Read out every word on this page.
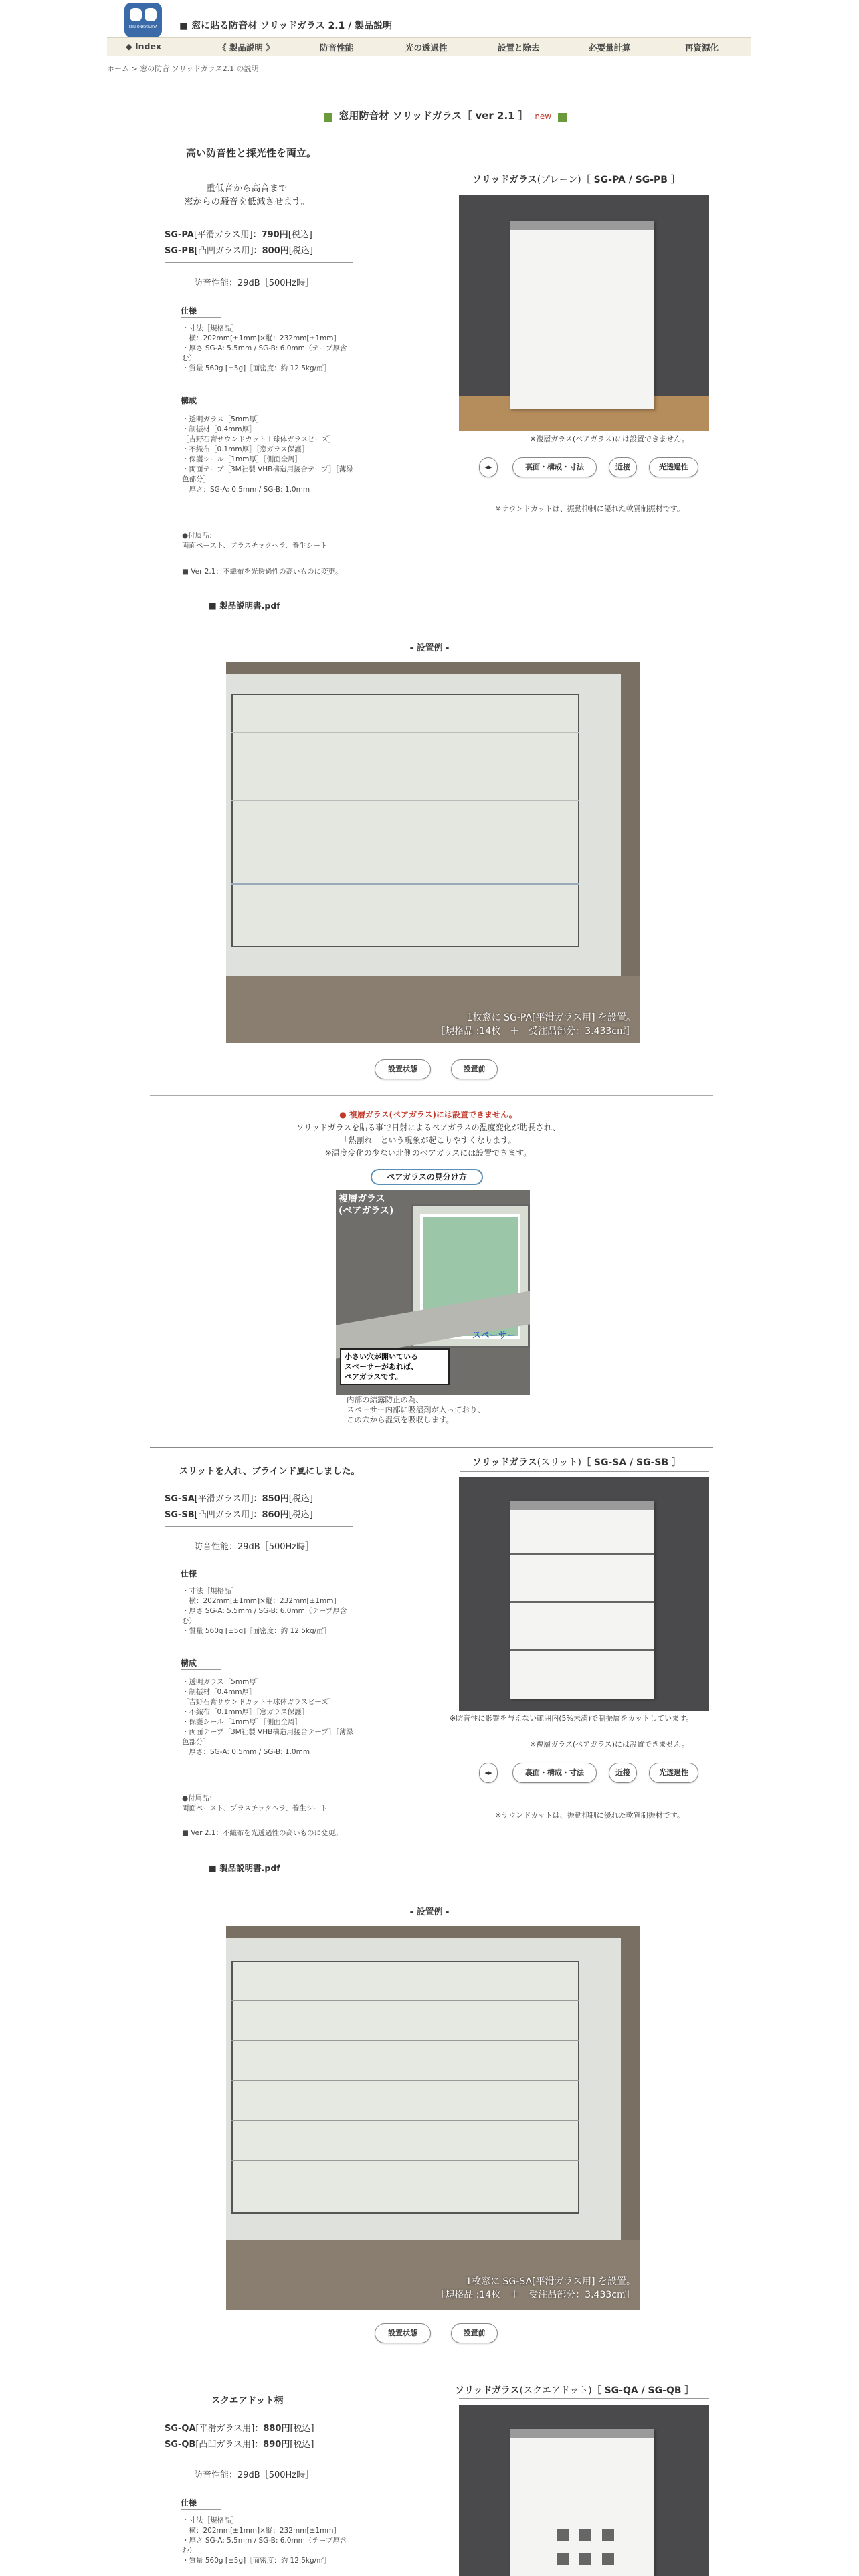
SEN-ONKYOUSYA ■ 窓に貼る防音材 ソリッドガラス 2.1 / 製品説明
◆ Index	《 製品説明 》	防音性能	光の透過性	設置と除去	必要量計算	再資源化
ホーム > 窓の防音 ソリッドガラス2.1 の説明
窓用防音材 ソリッドガラス［ ver 2.1 ］ new
高い防音性と採光性を両立。
重低音から高音まで
窓からの騒音を低減させます。
SG-PA[平滑ガラス用]：790円[税込]
SG-PB[凸凹ガラス用]：800円[税込]
防音性能：29dB［500Hz時］
仕様
・寸法［規格品］
　横：202mm[±1mm]×縦：232mm[±1mm]
・厚さ SG-A: 5.5mm / SG-B: 6.0mm（テープ厚含む）
・質量 560g [±5g]［面密度：約 12.5kg/㎡］
構成
・透明ガラス［5mm厚］
・制振材［0.4mm厚］
［吉野石膏サウンドカット＋球体ガラスビーズ］
・不織布［0.1mm厚］［窓ガラス保護］
・保護シール［1mm厚］［側面全周］
・両面テープ［3M社製 VHB構造用接合テープ］［薄緑色部分］
　厚さ：SG-A: 0.5mm / SG-B: 1.0mm
●付属品：
両面ペースト、プラスチックヘラ、養生シート
■ Ver 2.1：不織布を光透過性の高いものに変更。
■ 製品説明書.pdf
ソリッドガラス(プレーン)［ SG-PA / SG-PB ］
※複層ガラス(ペアガラス)には設置できません。
◂▸	裏面・構成・寸法	近接	光透過性
※サウンドカットは、振動抑制に優れた軟質制振材です。
- 設置例 -
1枚窓に SG-PA[平滑ガラス用] を設置。
［規格品 :14枚　＋　受注品部分：3.433c㎡］
設置状態	設置前
● 複層ガラス(ペアガラス)には設置できません。
ソリッドガラスを貼る事で日射によるペアガラスの温度変化が助長され、
「熱割れ」という現象が起こりやすくなります。
※温度変化の少ない北側のペアガラスには設置できます。
ペアガラスの見分け方
複層ガラス
(ペアガラス)
スペーサー
小さい穴が開いている
スペーサーがあれば、
ペアガラスです。
内部の結露防止の為、
スペーサー内部に吸湿剤が入っており、
この穴から湿気を吸収します。
スリットを入れ、ブラインド風にしました。
SG-SA[平滑ガラス用]：850円[税込]
SG-SB[凸凹ガラス用]：860円[税込]
防音性能：29dB［500Hz時］
仕様
・寸法［規格品］
　横：202mm[±1mm]×縦：232mm[±1mm]
・厚さ SG-A: 5.5mm / SG-B: 6.0mm（テープ厚含む）
・質量 560g [±5g]［面密度：約 12.5kg/㎡］
構成
・透明ガラス［5mm厚］
・制振材［0.4mm厚］
［吉野石膏サウンドカット＋球体ガラスビーズ］
・不織布［0.1mm厚］［窓ガラス保護］
・保護シール［1mm厚］［側面全周］
・両面テープ［3M社製 VHB構造用接合テープ］［薄緑色部分］
　厚さ：SG-A: 0.5mm / SG-B: 1.0mm
●付属品：
両面ペースト、プラスチックヘラ、養生シート
■ Ver 2.1：不織布を光透過性の高いものに変更。
■ 製品説明書.pdf
ソリッドガラス(スリット)［ SG-SA / SG-SB ］
※防音性に影響を与えない範囲内(5%未満)で制振層をカットしています。
※複層ガラス(ペアガラス)には設置できません。
◂▸	裏面・構成・寸法	近接	光透過性
※サウンドカットは、振動抑制に優れた軟質制振材です。
- 設置例 -
1枚窓に SG-SA[平滑ガラス用] を設置。
［規格品 :14枚　＋　受注品部分：3.433c㎡］
設置状態	設置前
スクエアドット柄
SG-QA[平滑ガラス用]：880円[税込]
SG-QB[凸凹ガラス用]：890円[税込]
防音性能：29dB［500Hz時］
仕様
・寸法［規格品］
　横：202mm[±1mm]×縦：232mm[±1mm]
・厚さ SG-A: 5.5mm / SG-B: 6.0mm（テープ厚含む）
・質量 560g [±5g]［面密度：約 12.5kg/㎡］
ソリッドガラス(スクエアドット)［ SG-QA / SG-QB ］
